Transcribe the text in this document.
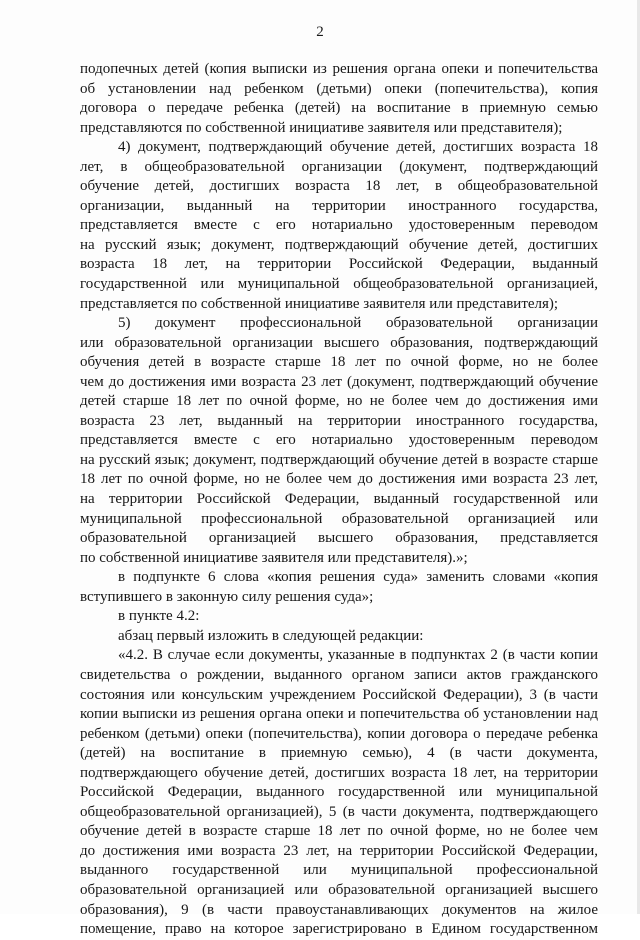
2
подопечных детей (копия выписки из решения органа опеки и попечительства
об установлении над ребенком (детьми) опеки (попечительства), копия
договора о передаче ребенка (детей) на воспитание в приемную семью
представляются по собственной инициативе заявителя или представителя);
4) документ, подтверждающий обучение детей, достигших возраста 18
лет, в общеобразовательной организации (документ, подтверждающий
обучение детей, достигших возраста 18 лет, в общеобразовательной
организации, выданный на территории иностранного государства,
представляется вместе с его нотариально удостоверенным переводом
на русский язык; документ, подтверждающий обучение детей, достигших
возраста 18 лет, на территории Российской Федерации, выданный
государственной или муниципальной общеобразовательной организацией,
представляется по собственной инициативе заявителя или представителя);
5) документ профессиональной образовательной организации
или образовательной организации высшего образования, подтверждающий
обучения детей в возрасте старше 18 лет по очной форме, но не более
чем до достижения ими возраста 23 лет (документ, подтверждающий обучение
детей старше 18 лет по очной форме, но не более чем до достижения ими
возраста 23 лет, выданный на территории иностранного государства,
представляется вместе с его нотариально удостоверенным переводом
на русский язык; документ, подтверждающий обучение детей в возрасте старше
18 лет по очной форме, но не более чем до достижения ими возраста 23 лет,
на территории Российской Федерации, выданный государственной или
муниципальной профессиональной образовательной организацией или
образовательной организацией высшего образования, представляется
по собственной инициативе заявителя или представителя).»;
в подпункте 6 слова «копия решения суда» заменить словами «копия
вступившего в законную силу решения суда»;
в пункте 4.2:
абзац первый изложить в следующей редакции:
«4.2. В случае если документы, указанные в подпунктах 2 (в части копии
свидетельства о рождении, выданного органом записи актов гражданского
состояния или консульским учреждением Российской Федерации), 3 (в части
копии выписки из решения органа опеки и попечительства об установлении над
ребенком (детьми) опеки (попечительства), копии договора о передаче ребенка
(детей) на воспитание в приемную семью), 4 (в части документа,
подтверждающего обучение детей, достигших возраста 18 лет, на территории
Российской Федерации, выданного государственной или муниципальной
общеобразовательной организацией), 5 (в части документа, подтверждающего
обучение детей в возрасте старше 18 лет по очной форме, но не более чем
до достижения ими возраста 23 лет, на территории Российской Федерации,
выданного государственной или муниципальной профессиональной
образовательной организацией или образовательной организацией высшего
образования), 9 (в части правоустанавливающих документов на жилое
помещение, право на которое зарегистрировано в Едином государственном
